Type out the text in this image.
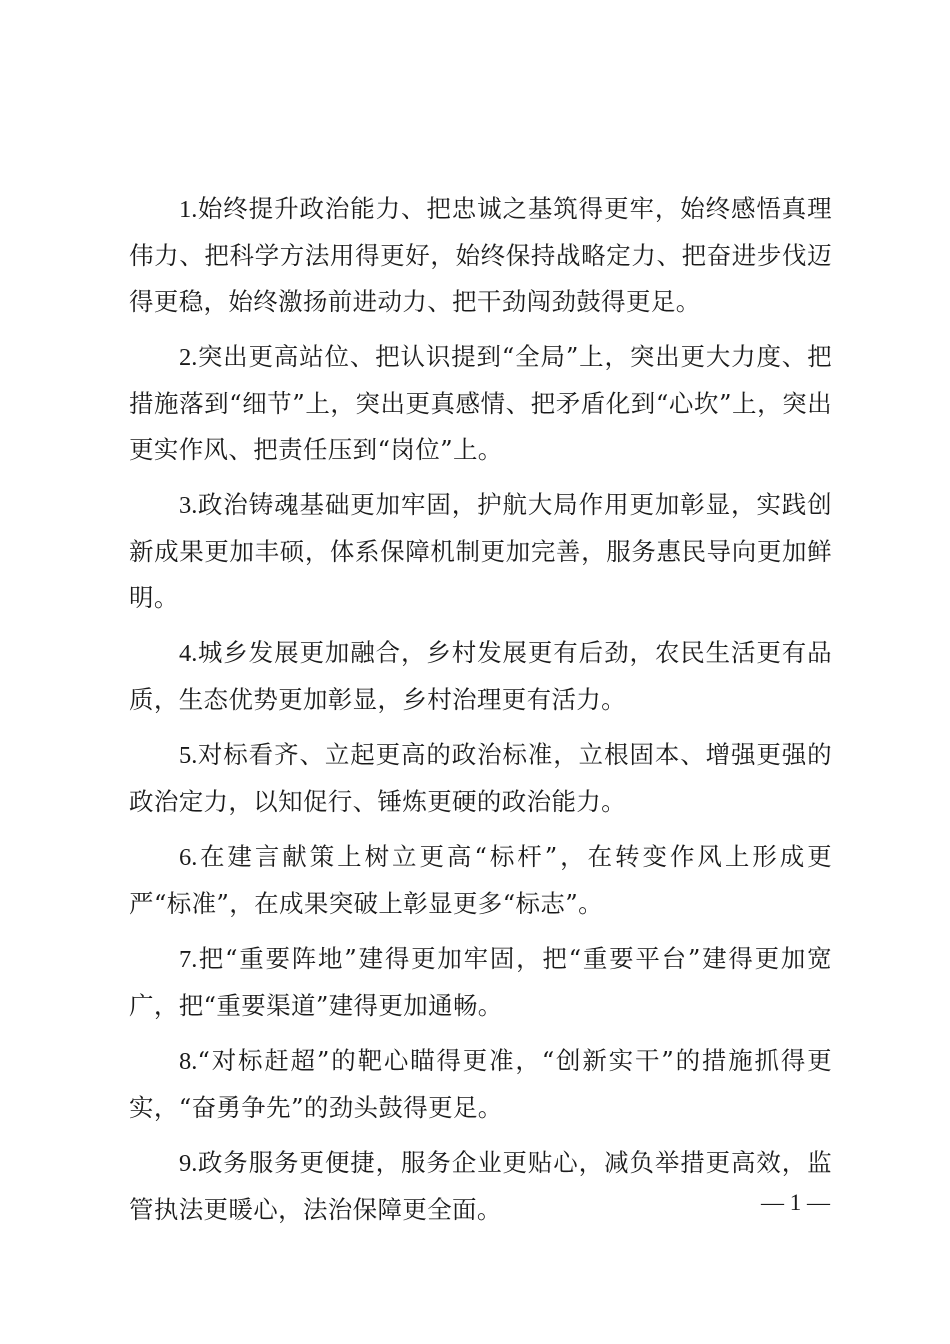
1.始终提升政治能力、把忠诚之基筑得更牢，始终感悟真理伟力、把科学方法用得更好，始终保持战略定力、把奋进步伐迈得更稳，始终激扬前进动力、把干劲闯劲鼓得更足。

2.突出更高站位、把认识提到“全局”上，突出更大力度、把措施落到“细节”上，突出更真感情、把矛盾化到“心坎”上，突出更实作风、把责任压到“岗位”上。

3.政治铸魂基础更加牢固，护航大局作用更加彰显，实践创新成果更加丰硕，体系保障机制更加完善，服务惠民导向更加鲜明。

4.城乡发展更加融合，乡村发展更有后劲，农民生活更有品质，生态优势更加彰显，乡村治理更有活力。

5.对标看齐、立起更高的政治标准，立根固本、增强更强的政治定力，以知促行、锤炼更硬的政治能力。

6.在建言献策上树立更高“标杆”，在转变作风上形成更严“标准”，在成果突破上彰显更多“标志”。

7.把“重要阵地”建得更加牢固，把“重要平台”建得更加宽广，把“重要渠道”建得更加通畅。

8.“对标赶超”的靶心瞄得更准，“创新实干”的措施抓得更实，“奋勇争先”的劲头鼓得更足。

9.政务服务更便捷，服务企业更贴心，减负举措更高效，监管执法更暖心，法治保障更全面。	— 1 —
